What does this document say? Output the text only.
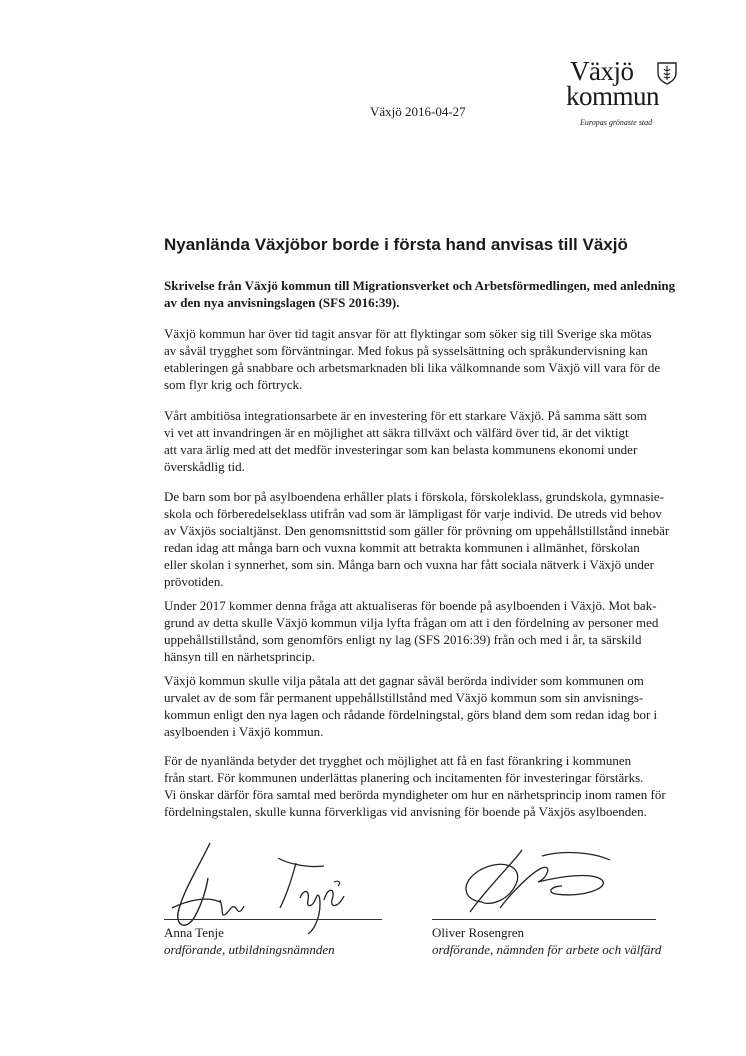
Växjö 2016-04-27
Växjö
kommun
Europas grönaste stad
Nyanlända Växjöbor borde i första hand anvisas till Växjö

Skrivelse från Växjö kommun till Migrationsverket och Arbetsförmedlingen, med anledning
av den nya anvisningslagen (SFS 2016:39).

Växjö kommun har över tid tagit ansvar för att flyktingar som söker sig till Sverige ska mötas
av såväl trygghet som förväntningar. Med fokus på sysselsättning och språkundervisning kan
etableringen gå snabbare och arbetsmarknaden bli lika välkomnande som Växjö vill vara för de
som flyr krig och förtryck.

Vårt ambitiösa integrationsarbete är en investering för ett starkare Växjö. På samma sätt som
vi vet att invandringen är en möjlighet att säkra tillväxt och välfärd över tid, är det viktigt
att vara ärlig med att det medför investeringar som kan belasta kommunens ekonomi under
överskådlig tid.

De barn som bor på asylboendena erhåller plats i förskola, förskoleklass, grundskola, gymnasie-
skola och förberedelseklass utifrån vad som är lämpligast för varje individ. De utreds vid behov
av Växjös socialtjänst. Den genomsnittstid som gäller för prövning om uppehållstillstånd innebär
redan idag att många barn och vuxna kommit att betrakta kommunen i allmänhet, förskolan
eller skolan i synnerhet, som sin. Många barn och vuxna har fått sociala nätverk i Växjö under
prövotiden.

Under 2017 kommer denna fråga att aktualiseras för boende på asylboenden i Växjö. Mot bak-
grund av detta skulle Växjö kommun vilja lyfta frågan om att i den fördelning av personer med
uppehållstillstånd, som genomförs enligt ny lag (SFS 2016:39) från och med i år, ta särskild
hänsyn till en närhetsprincip.

Växjö kommun skulle vilja påtala att det gagnar såväl berörda individer som kommunen om
urvalet av de som får permanent uppehållstillstånd med Växjö kommun som sin anvisnings-
kommun enligt den nya lagen och rådande fördelningstal, görs bland dem som redan idag bor i
asylboenden i Växjö kommun.

För de nyanlända betyder det trygghet och möjlighet att få en fast förankring i kommunen
från start. För kommunen underlättas planering och incitamenten för investeringar förstärks.
Vi önskar därför föra samtal med berörda myndigheter om hur en närhetsprincip inom ramen för
fördelningstalen, skulle kunna förverkligas vid anvisning för boende på Växjös asylboenden.

Anna Tenje
ordförande, utbildningsnämnden
Oliver Rosengren
ordförande, nämnden för arbete och välfärd
